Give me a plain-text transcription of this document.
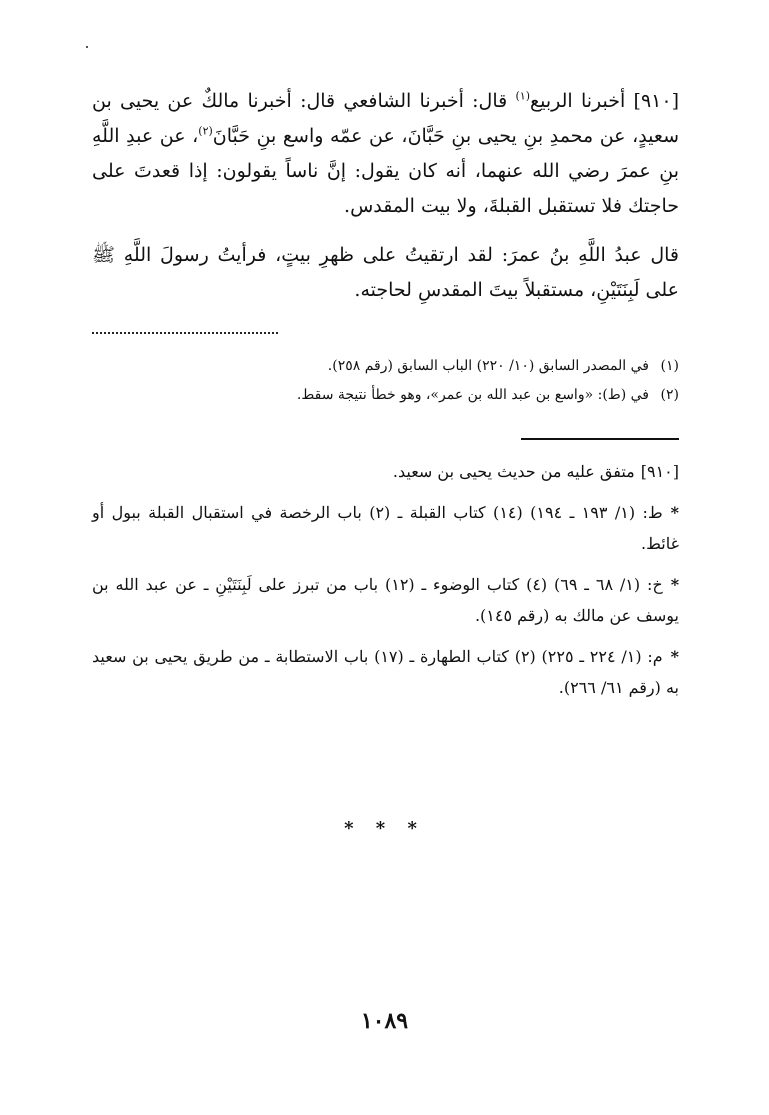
[٩١٠] أخبرنا الربيع$^{(١)}$ قال: أخبرنا الشافعي قال: أخبرنا مالكٌ عن يحيى بن سعيدٍ، عن محمدِ بنِ يحيى بنِ حَبَّانَ، عن عمّه واسع بنِ حَبَّانَ$^{(٢)}$، عن عبدِ اللَّهِ بنِ عمرَ رضي الله عنهما، أنه كان يقول: إنَّ ناساً يقولون: إذا قعدتَ على حاجتك فلا تستقبل القبلةَ، ولا بيت المقدس.

قال عبدُ اللَّهِ بنُ عمرَ: لقد ارتقيتُ على ظهرِ بيتٍ، فرأيتُ رسولَ اللَّهِ ﷺ على لَبِنَتَيْنِ، مستقبلاً بيتَ المقدسِ لحاجته.

(١)في المصدر السابق (١٠/ ٢٢٠) الباب السابق (رقم ٢٥٨).

(٢)في (ط): «واسع بن عبد الله بن عمر»، وهو خطأ نتيجة سقط.

[٩١٠]متفق عليه من حديث يحيى بن سعيد.

*ط: (١/ ١٩٣ ـ ١٩٤) (١٤) كتاب القبلة ـ (٢) باب الرخصة في استقبال القبلة ببول أو غائط.

*خ: (١/ ٦٨ ـ ٦٩) (٤) كتاب الوضوء ـ (١٢) باب من تبرز على لَبِنَتَيْنِ ـ عن عبد الله بن يوسف عن مالك به (رقم ١٤٥).

*م: (١/ ٢٢٤ ـ ٢٢٥) (٢) كتاب الطهارة ـ (١٧) باب الاستطابة ـ من طريق يحيى بن سعيد به (رقم ٦١/ ٢٦٦).

* * *
١٠٨٩
